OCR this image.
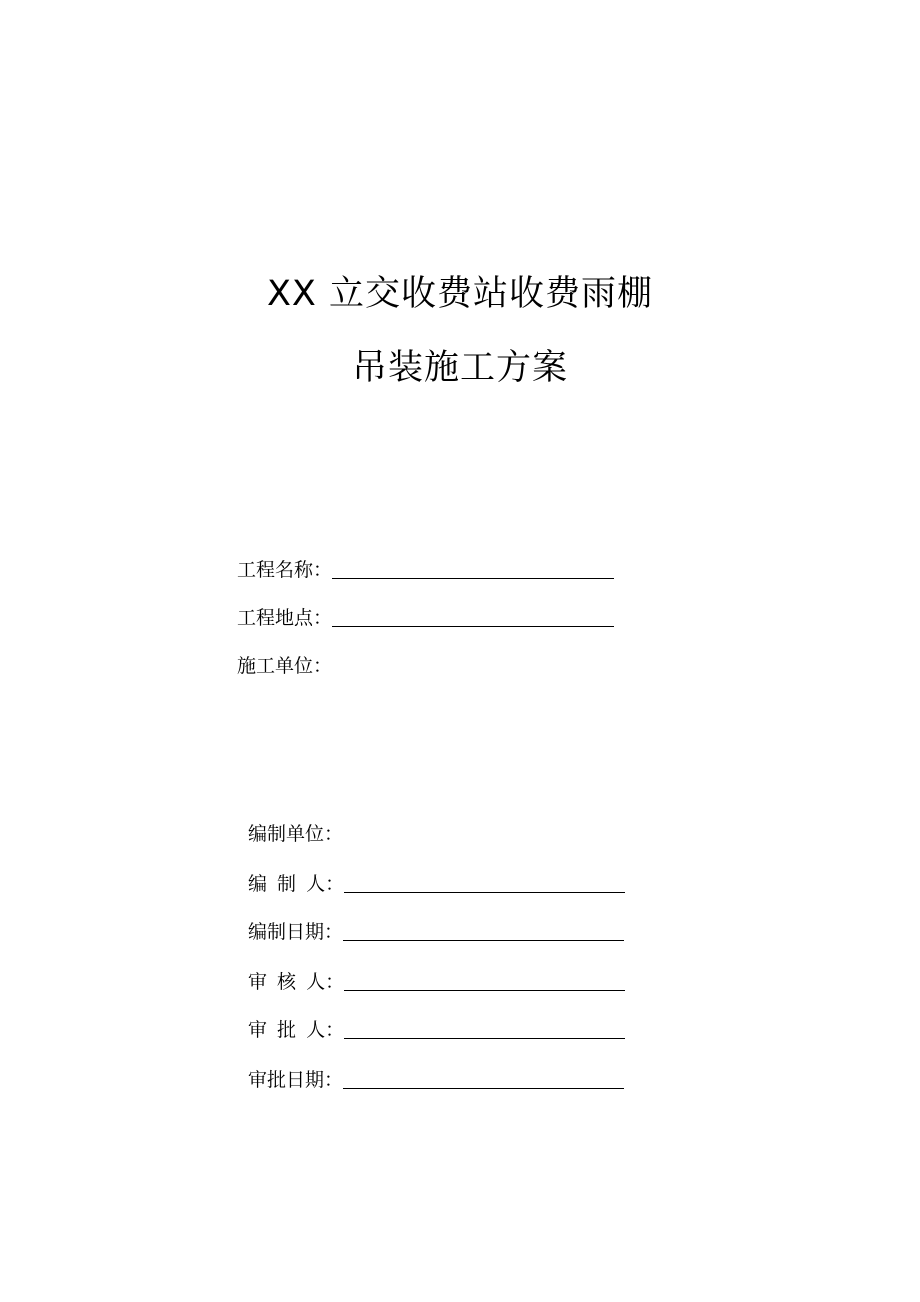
XX 立交收费站收费雨棚
吊装施工方案
工程名称：
工程地点：
施工单位：
编制单位：
编 制 人：
编制日期：
审 核 人：
审 批 人：
审批日期：
